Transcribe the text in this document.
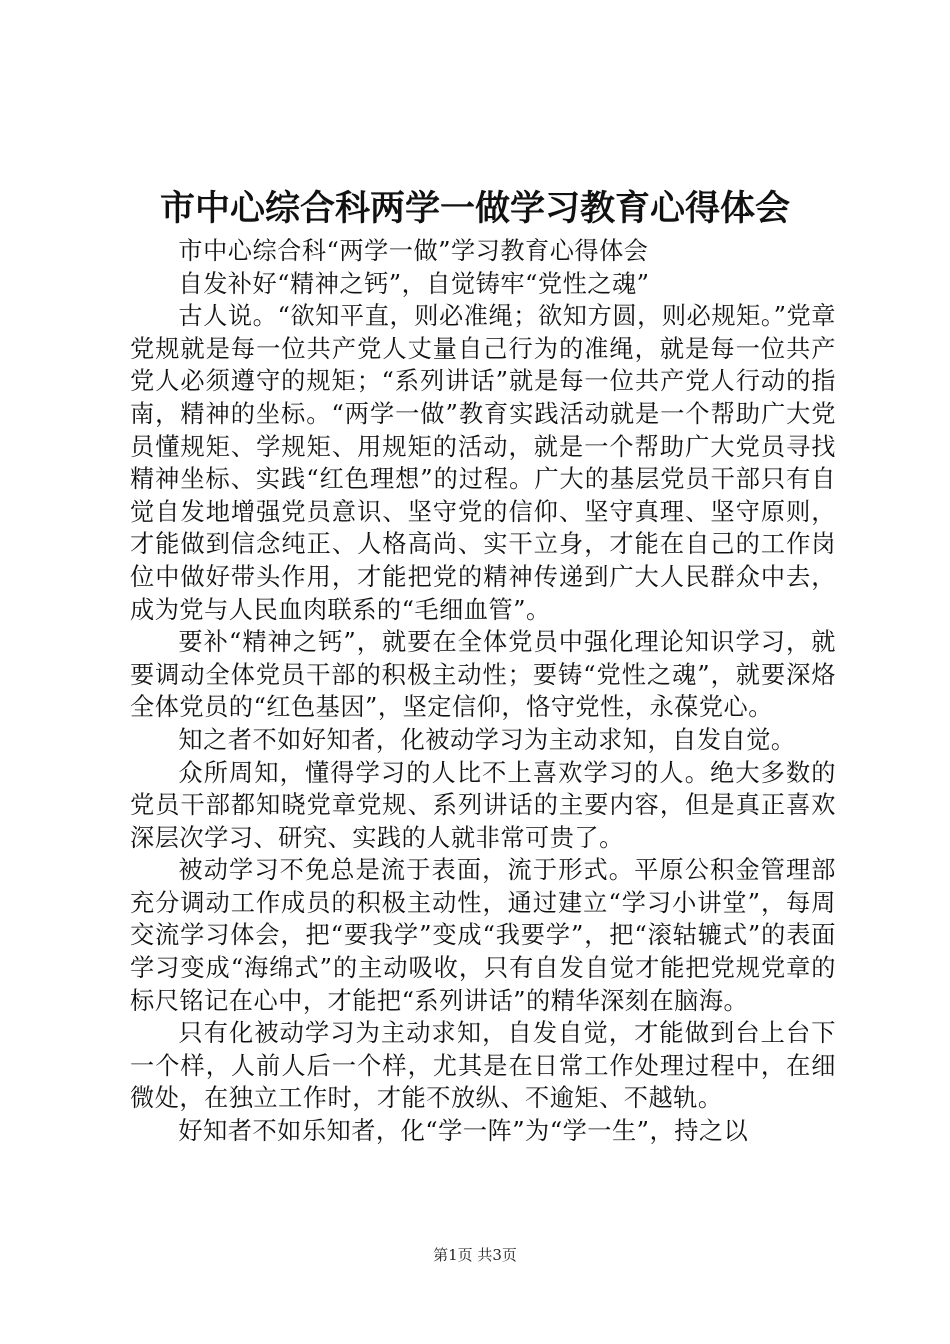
市中心综合科两学一做学习教育心得体会

市中心综合科“两学一做”学习教育心得体会

自发补好“精神之钙”，自觉铸牢“党性之魂”

古人说。“欲知平直，则必准绳；欲知方圆，则必规矩。”党章党规就是每一位共产党人丈量自己行为的准绳，就是每一位共产党人必须遵守的规矩；“系列讲话”就是每一位共产党人行动的指南，精神的坐标。“两学一做”教育实践活动就是一个帮助广大党员懂规矩、学规矩、用规矩的活动，就是一个帮助广大党员寻找精神坐标、实践“红色理想”的过程。广大的基层党员干部只有自觉自发地增强党员意识、坚守党的信仰、坚守真理、坚守原则，才能做到信念纯正、人格高尚、实干立身，才能在自己的工作岗位中做好带头作用，才能把党的精神传递到广大人民群众中去，成为党与人民血肉联系的“毛细血管”。

要补“精神之钙”，就要在全体党员中强化理论知识学习，就要调动全体党员干部的积极主动性；要铸“党性之魂”，就要深烙全体党员的“红色基因”，坚定信仰，恪守党性，永葆党心。

知之者不如好知者，化被动学习为主动求知，自发自觉。

众所周知，懂得学习的人比不上喜欢学习的人。绝大多数的党员干部都知晓党章党规、系列讲话的主要内容，但是真正喜欢深层次学习、研究、实践的人就非常可贵了。

被动学习不免总是流于表面，流于形式。平原公积金管理部充分调动工作成员的积极主动性，通过建立“学习小讲堂”，每周交流学习体会，把“要我学”变成“我要学”，把“滚轱辘式”的表面学习变成“海绵式”的主动吸收，只有自发自觉才能把党规党章的标尺铭记在心中，才能把“系列讲话”的精华深刻在脑海。

只有化被动学习为主动求知，自发自觉，才能做到台上台下一个样，人前人后一个样，尤其是在日常工作处理过程中，在细微处，在独立工作时，才能不放纵、不逾矩、不越轨。

好知者不如乐知者，化“学一阵”为“学一生”，持之以

第1页 共3页
